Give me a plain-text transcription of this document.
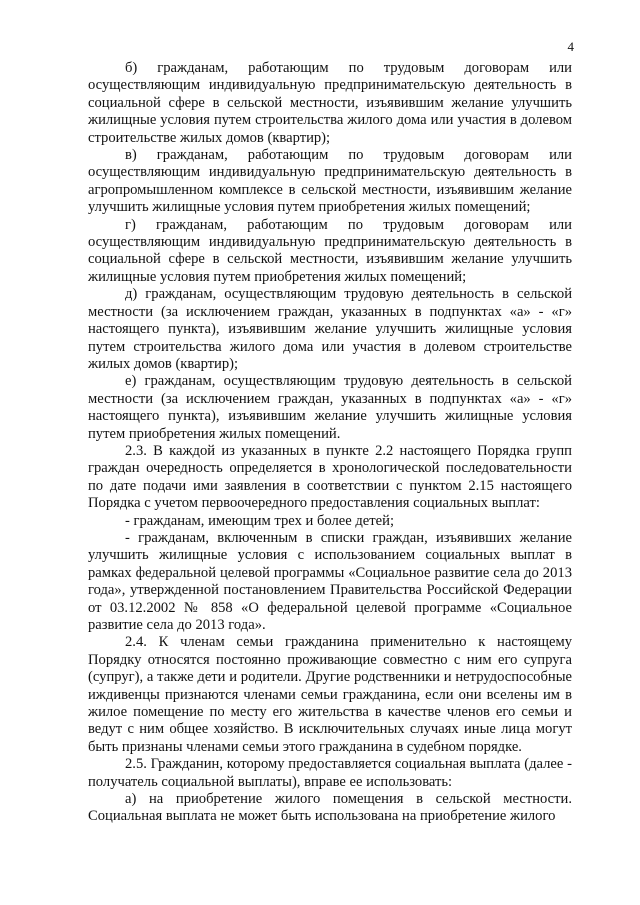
4

б) гражданам, работающим по трудовым договорам или осуществляющим индивидуальную предпринимательскую деятельность в социальной сфере в сельской местности, изъявившим желание улучшить жилищные условия путем строительства жилого дома или участия в долевом строительстве жилых домов (квартир);

в) гражданам, работающим по трудовым договорам или осуществляющим индивидуальную предпринимательскую деятельность в агропромышленном комплексе в сельской местности, изъявившим желание улучшить жилищные условия путем приобретения жилых помещений;

г) гражданам, работающим по трудовым договорам или осуществляющим индивидуальную предпринимательскую деятельность в социальной сфере в сельской местности, изъявившим желание улучшить жилищные условия путем приобретения жилых помещений;

д) гражданам, осуществляющим трудовую деятельность в сельской местности (за исключением граждан, указанных в подпунктах «а» - «г» настоящего пункта), изъявившим желание улучшить жилищные условия путем строительства жилого дома или участия в долевом строительстве жилых домов (квартир);

е) гражданам, осуществляющим трудовую деятельность в сельской местности (за исключением граждан, указанных в подпунктах «а» - «г» настоящего пункта), изъявившим желание улучшить жилищные условия путем приобретения жилых помещений.

2.3. В каждой из указанных в пункте 2.2 настоящего Порядка групп граждан очередность определяется в хронологической последовательности по дате подачи ими заявления в соответствии с пунктом 2.15 настоящего Порядка с учетом первоочередного предоставления социальных выплат:

- гражданам, имеющим трех и более детей;

- гражданам, включенным в списки граждан, изъявивших желание улучшить жилищные условия с использованием социальных выплат в рамках федеральной целевой программы «Социальное развитие села до 2013 года», утвержденной постановлением Правительства Российской Федерации от 03.12.2002 № 858 «О федеральной целевой программе «Социальное развитие села до 2013 года».

2.4. К членам семьи гражданина применительно к настоящему Порядку относятся постоянно проживающие совместно с ним его супруга (супруг), а также дети и родители. Другие родственники и нетрудоспособные иждивенцы признаются членами семьи гражданина, если они вселены им в жилое помещение по месту его жительства в качестве членов его семьи и ведут с ним общее хозяйство. В исключительных случаях иные лица могут быть признаны членами семьи этого гражданина в судебном порядке.

2.5. Гражданин, которому предоставляется социальная выплата (далее - получатель социальной выплаты), вправе ее использовать:

а) на приобретение жилого помещения в сельской местности. Социальная выплата не может быть использована на приобретение жилого
